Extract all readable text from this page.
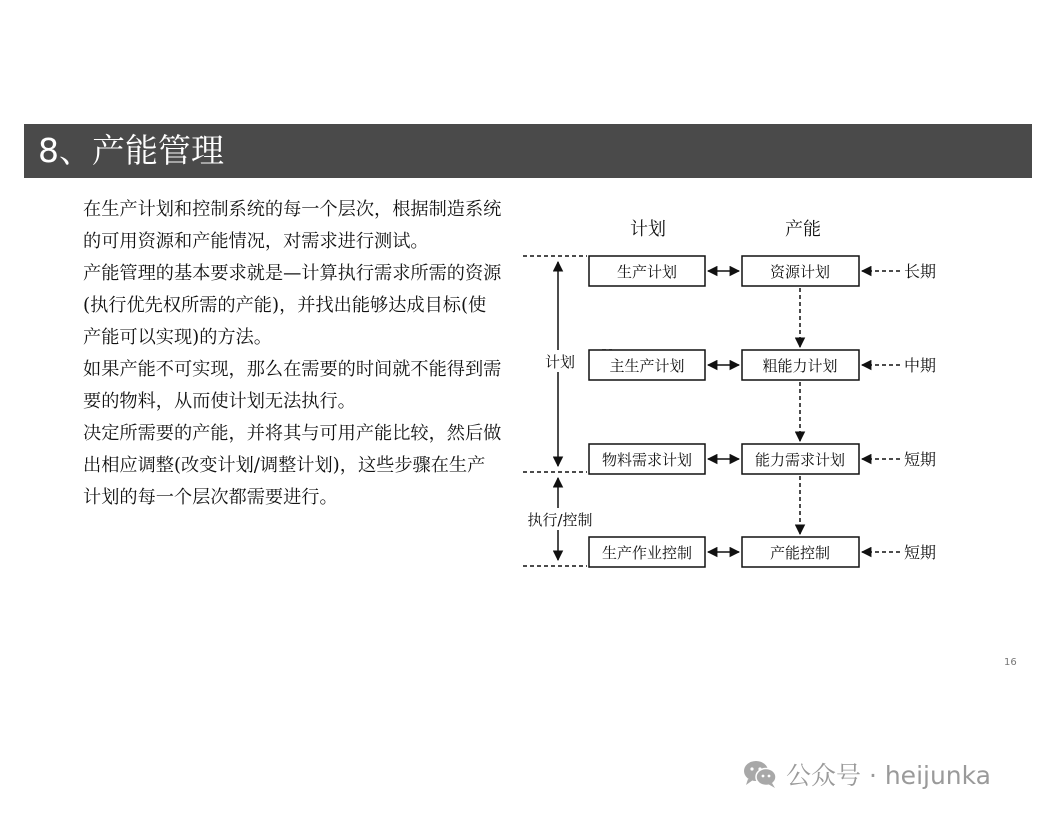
8、产能管理

在生产计划和控制系统的每一个层次，根据制造系统的可用资源和产能情况，对需求进行测试。

产能管理的基本要求就是—计算执行需求所需的资源(执行优先权所需的产能)，并找出能够达成目标(使产能可以实现)的方法。

如果产能不可实现，那么在需要的时间就不能得到需要的物料，从而使计划无法执行。

决定所需要的产能，并将其与可用产能比较，然后做出相应调整(改变计划/调整计划)，这些步骤在生产计划的每一个层次都需要进行。

计划	产能
计划
执行/控制
生产计划
主生产计划
物料需求计划
生产作业控制
资源计划
粗能力计划
能力需求计划
产能控制
长期
中期
短期
短期
16
公众号 · heijunka
